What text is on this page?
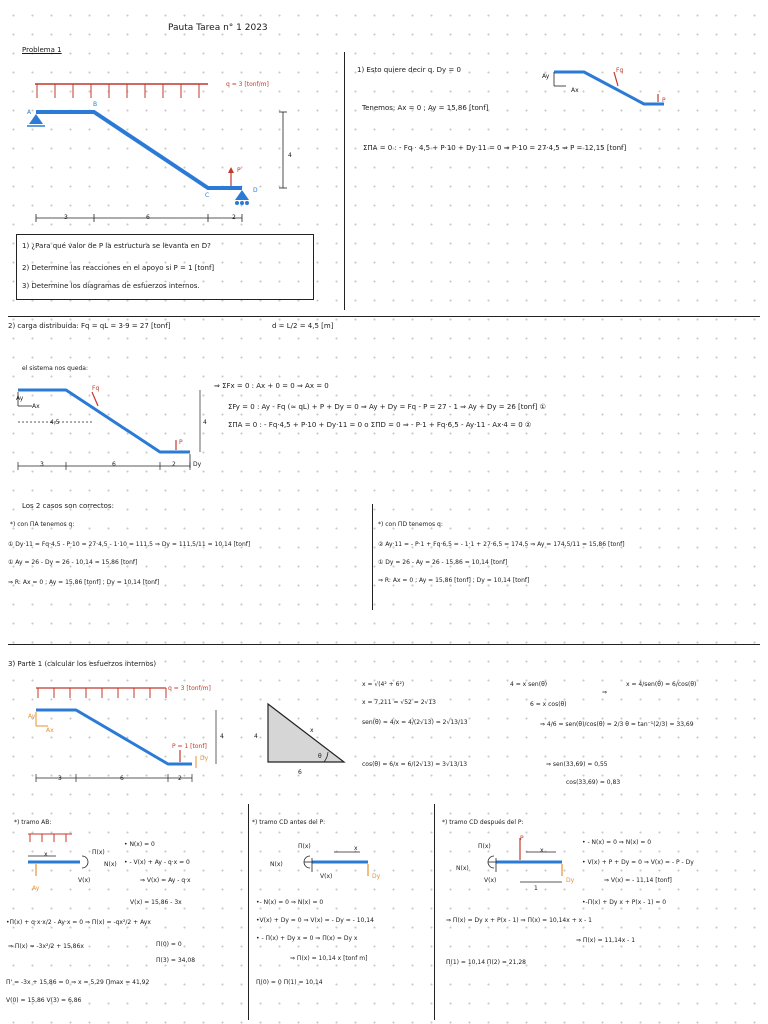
Pauta Tarea n° 1 2023
Problema 1
q = 3 [tonf/m]
P
A
B
C
D
3	6	2
4
1) ¿Para qué valor de P la estructura se levanta en D?
2) Determine las reacciones en el apoyo si P = 1 [tonf]
3) Determine los diagramas de esfuerzos internos.
1) Esto quiere decir q. Dy = 0
Ay
Ax
Fq
P
Tenemos: Ax = 0 ; Ay = 15,86 [tonf]
ΣΠA = 0 : - Fq · 4,5 + P·10 + Dy·11 = 0 ⇒ P·10 = 27·4,5 ⇒ P = 12,15 [tonf]
2) carga distribuida: Fq = qL = 3·9 = 27 [tonf]	d = L/2 = 4,5 [m]
el sistema nos queda:
Ay
Ax
Fq
P
Dy
4,5	4
3	6	2
⇒ ΣFx = 0 : Ax + 0 = 0 ⇒ Ax = 0
ΣFy = 0 : Ay - Fq (≈ qL) + P + Dy = 0 ⇒ Ay + Dy = Fq - P = 27 - 1 ⇒ Ay + Dy = 26 [tonf] ①
ΣΠA = 0 : - Fq·4,5 + P·10 + Dy·11 = 0 o ΣΠD = 0 ⇒ - P·1 + Fq·6,5 - Ay·11 - Ax·4 = 0 ②
Los 2 casos son correctos:
*) con ΠA tenemos q:
① Dy·11 = Fq·4,5 - P·10 = 27·4,5 - 1·10 = 111,5 ⇒ Dy = 111,5/11 = 10,14 [tonf]
① Ay = 26 - Dy = 26 - 10,14 = 15,86 [tonf]
⇒ R: Ax = 0 ; Ay = 15,86 [tonf] ; Dy = 10,14 [tonf]
*) con ΠD tenemos q:
② Ay·11 = - P·1 + Fq·6,5 = - 1·1 + 27·6,5 = 174,5 ⇒ Ay = 174,5/11 = 15,86 [tonf]
① Dy = 26 - Ay = 26 - 15,86 = 10,14 [tonf]
⇒ R: Ax = 0 ; Ay = 15,86 [tonf] ; Dy = 10,14 [tonf]
3) Parte 1 (calcular los esfuerzos internos)
q = 3 [tonf/m]
P = 1 [tonf]
Dy
Ay
Ax
3	6	2
4	4
6
x
θ
x = √(4² + 6²)
x = 7,211 = √52 = 2√13
sen(θ) = 4/x = 4/(2√13) = 2√13/13
cos(θ) = 6/x = 6/(2√13) = 3√13/13
4 = x sen(θ)
6 = x cos(θ)
⇒
x = 4/sen(θ) = 6/cos(θ)
⇒ 4/6 = sen(θ)/cos(θ) = 2/3 θ = tan⁻¹(2/3) = 33,69
⇒ sen(33,69) = 0,55
cos(33,69) = 0,83
*) tramo AB:
Π(x)
N(x)
V(x)
Ay
x
• N(x) = 0
• - V(x) + Ay - q·x = 0
⇒ V(x) = Ay - q·x
V(x) = 15,86 - 3x
•Π(x) + q·x·x/2 - Ay·x = 0 ⇒ Π(x) = -qx²/2 + Ayx
⇒ Π(x) = -3x²/2 + 15,86x	Π(0) = 0
Π(3) = 34,08
Π' = -3x + 15,86 = 0 ⇒ x = 5,29 Πmax = 41,92
V(0) = 15,86 V(3) = 6,86
*) tramo CD antes del P:
Π(x)
N(x)
V(x)	Dy
x
•- N(x) = 0 ⇒ N(x) = 0
•V(x) + Dy = 0 ⇒ V(x) = - Dy = - 10,14
• - Π(x) + Dy x = 0 ⇒ Π(x) = Dy x
⇒ Π(x) = 10,14 x [tonf m]
Π(0) = 0 Π(1) = 10,14
*) tramo CD después del P:
Π(x)
N(x)
V(x)
P
Dy
x
1
• - N(x) = 0 ⇒ N(x) = 0
• V(x) + P + Dy = 0 ⇒ V(x) = - P - Dy
⇒ V(x) = - 11,14 [tonf]
•-Π(x) + Dy x + P(x - 1) = 0
⇒ Π(x) = Dy x + P(x - 1) ⇒ Π(x) = 10,14x + x - 1
⇒ Π(x) = 11,14x - 1
Π(1) = 10,14 Π(2) = 21,28
